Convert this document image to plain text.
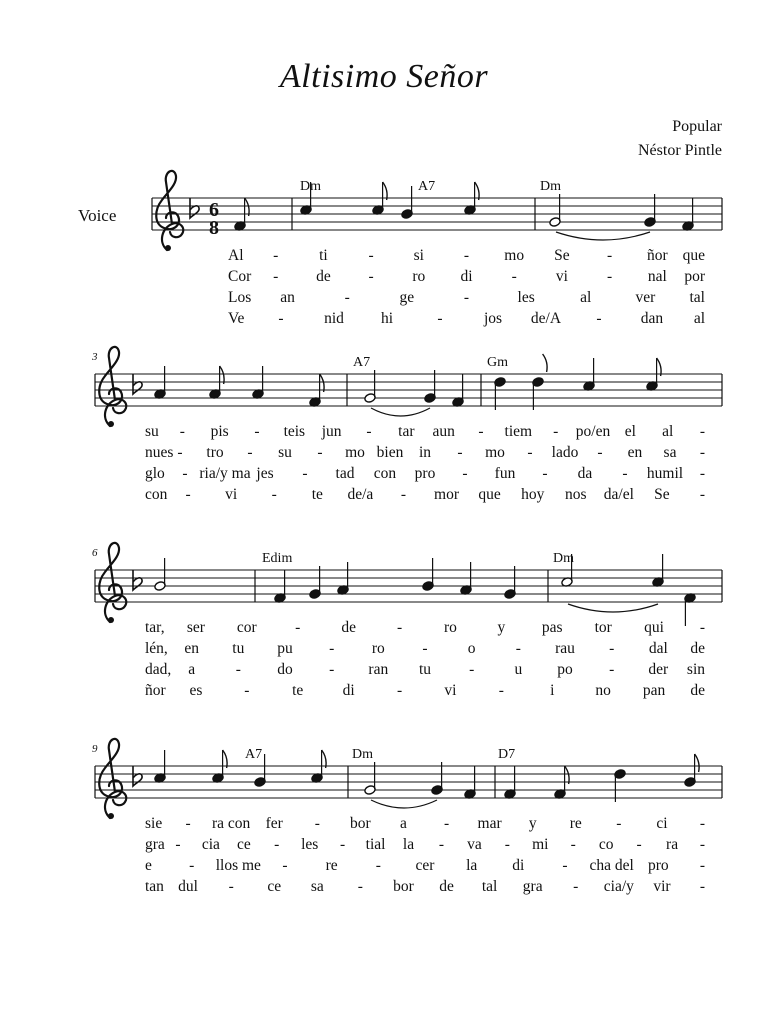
Altisimo Señor
Popular
Néstor Pintle
Voice	6
8
Dm	A7	Dm
A7	Gm
Edim	Dm
A7	Dm	D7
3
6
9
Al -	ti	-	si	- mo Se - ñor que
Cor - de - ro di	-	vi	- nal por
Los an	-	ge	-	les	al	ver tal
Ve -	nid hi	-	jos de/A -	dan al
su - pis - teis jun - tar aun - tiem - po/en el al -
nues - tro - su - mo bien in - mo - lado - en sa -
glo - ria/y ma jes - tad con pro - fun - da - humil -
con - vi - te de/a - mor que hoy nos da/el Se -
tar, ser cor -	de	-	ro	y pas tor qui -
lén, en tu pu - ro -	o	- rau - dal de
dad, a	- do - ran tu -	u po - der sin
ñor es	-	te	di	-	vi	-	i	no pan de
sie - ra con fer - bor a - mar y re - ci -
gra - cia ce - les - tial la - va - mi - co - ra -
e - llos me - re - cer la di - cha del pro -
tan dul - ce sa - bor de tal gra - cia/y vir -
